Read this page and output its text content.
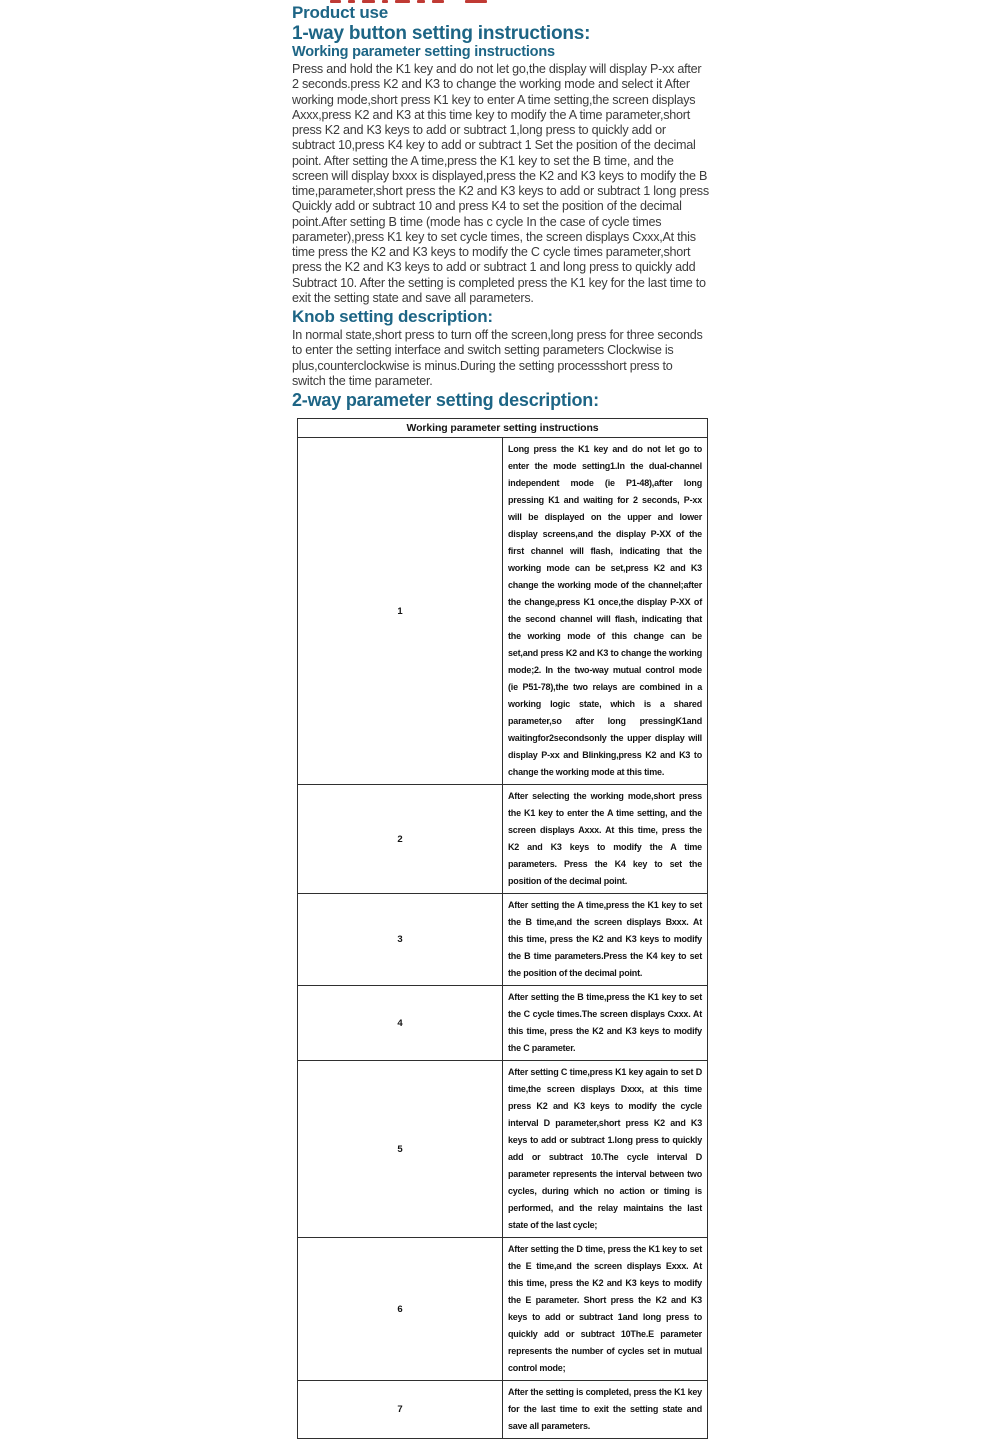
Product use
1-way button setting instructions:
Working parameter setting instructions

Press and hold the K1 key and do not let go,the display will display P-xx after 2 seconds.press K2 and K3 to change the working mode and select it After working mode,short press K1 key to enter A time setting,the screen displays Axxx,press K2 and K3 at this time key to modify the A time parameter,short press K2 and K3 keys to add or subtract 1,long press to quickly add or subtract 10,press K4 key to add or subtract 1 Set the position of the decimal point. After setting the A time,press the K1 key to set the B time, and the screen will display bxxx is displayed,press the K2 and K3 keys to modify the B time,parameter,short press the K2 and K3 keys to add or subtract 1 long press Quickly add or subtract 10 and press K4 to set the position of the decimal point.After setting B time (mode has c cycle In the case of cycle times parameter),press K1 key to set cycle times, the screen displays Cxxx,At this time press the K2 and K3 keys to modify the C cycle times parameter,short press the K2 and K3 keys to add or subtract 1 and long press to quickly add Subtract 10. After the setting is completed press the K1 key for the last time to exit the setting state and save all parameters.

Knob setting description:

In normal state,short press to turn off the screen,long press for three seconds to enter the setting interface and switch setting parameters Clockwise is plus,counterclockwise is minus.During the setting processshort press to switch the time parameter.

2-way parameter setting description:
Working parameter setting instructions	
1	Long press the K1 key and do not let go to enter the mode setting1.In the dual-channel independent mode (ie P1-48),after long pressing K1 and waiting for 2 seconds, P-xx will be displayed on the upper and lower display screens,and the display P-XX of the first channel will flash, indicating that the working mode can be set,press K2 and K3 change the working mode of the channel;after the change,press K1 once,the display P-XX of the second channel will flash, indicating that the working mode of this change can be set,and press K2 and K3 to change the working mode;2. In the two-way mutual control mode (ie P51-78),the two relays are combined in a working logic state, which is a shared parameter,so after long pressingK1and waitingfor2secondsonly the upper display will display P-xx and Blinking,press K2 and K3 to change the working mode at this time.
2	After selecting the working mode,short press the K1 key to enter the A time setting, and the screen displays Axxx. At this time, press the K2 and K3 keys to modify the A time parameters. Press the K4 key to set the position of the decimal point.
3	After setting the A time,press the K1 key to set the B time,and the screen displays Bxxx. At this time, press the K2 and K3 keys to modify the B time parameters.Press the K4 key to set the position of the decimal point.
4	After setting the B time,press the K1 key to set the C cycle times.The screen displays Cxxx. At this time, press the K2 and K3 keys to modify the C parameter.
5	After setting C time,press K1 key again to set D time,the screen displays Dxxx, at this time press K2 and K3 keys to modify the cycle interval D parameter,short press K2 and K3 keys to add or subtract 1.long press to quickly add or subtract 10.The cycle interval D parameter represents the interval between two cycles, during which no action or timing is performed, and the relay maintains the last state of the last cycle;
6	After setting the D time, press the K1 key to set the E time,and the screen displays Exxx. At this time, press the K2 and K3 keys to modify the E parameter. Short press the K2 and K3 keys to add or subtract 1and long press to quickly add or subtract 10The.E parameter represents the number of cycles set in mutual control mode;
7	After the setting is completed, press the K1 key for the last time to exit the setting state and save all parameters.
